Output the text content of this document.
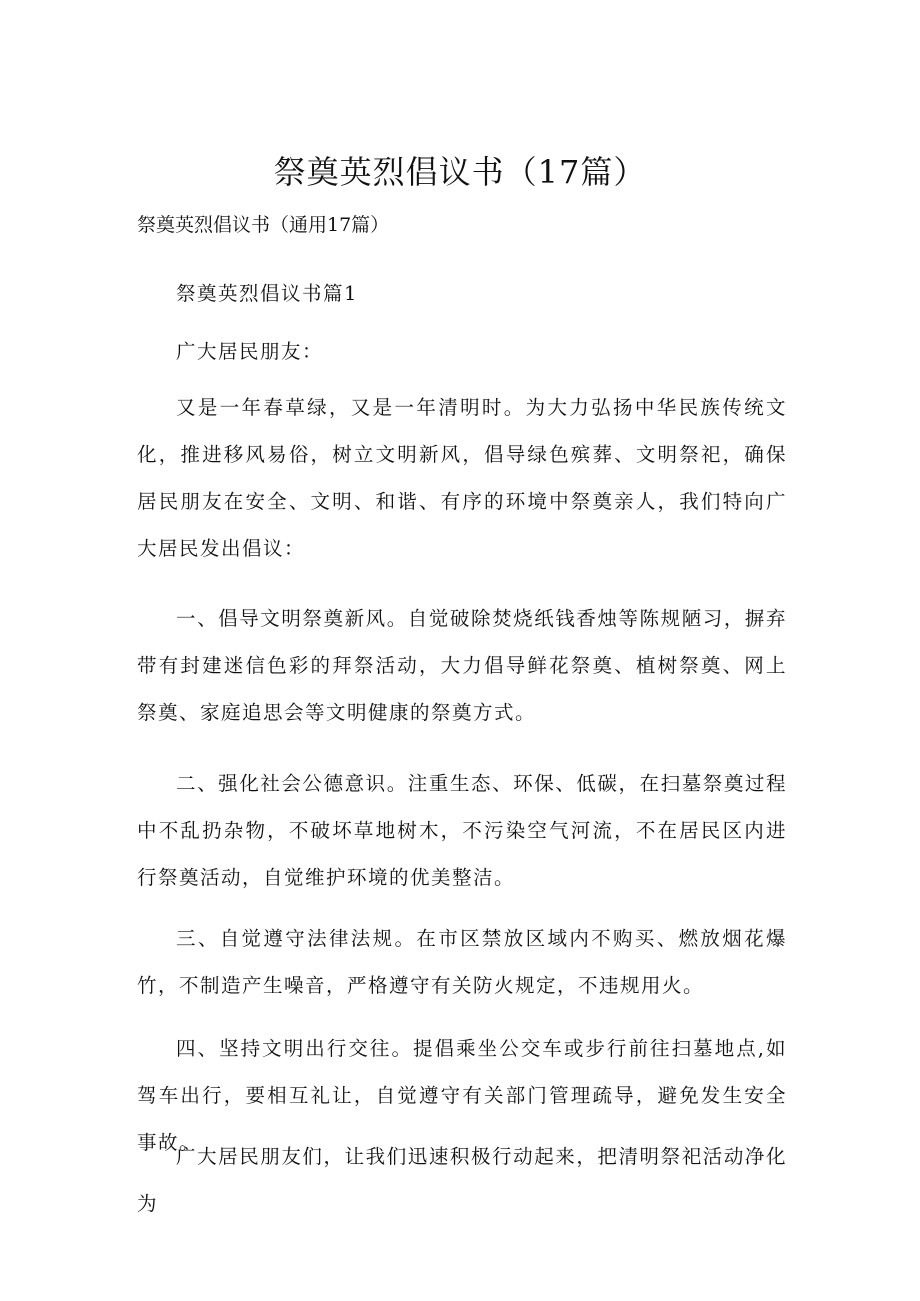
祭奠英烈倡议书（17篇）

祭奠英烈倡议书（通用17篇）

祭奠英烈倡议书篇1

广大居民朋友：

又是一年春草绿，又是一年清明时。为大力弘扬中华民族传统文化，推进移风易俗，树立文明新风，倡导绿色殡葬、文明祭祀，确保居民朋友在安全、文明、和谐、有序的环境中祭奠亲人，我们特向广大居民发出倡议：

一、倡导文明祭奠新风。自觉破除焚烧纸钱香烛等陈规陋习，摒弃带有封建迷信色彩的拜祭活动，大力倡导鲜花祭奠、植树祭奠、网上祭奠、家庭追思会等文明健康的祭奠方式。

二、强化社会公德意识。注重生态、环保、低碳，在扫墓祭奠过程中不乱扔杂物，不破坏草地树木，不污染空气河流，不在居民区内进行祭奠活动，自觉维护环境的优美整洁。

三、自觉遵守法律法规。在市区禁放区域内不购买、燃放烟花爆竹，不制造产生噪音，严格遵守有关防火规定，不违规用火。

四、坚持文明出行交往。提倡乘坐公交车或步行前往扫墓地点,如驾车出行，要相互礼让，自觉遵守有关部门管理疏导，避免发生安全事故。

广大居民朋友们，让我们迅速积极行动起来，把清明祭祀活动净化为
